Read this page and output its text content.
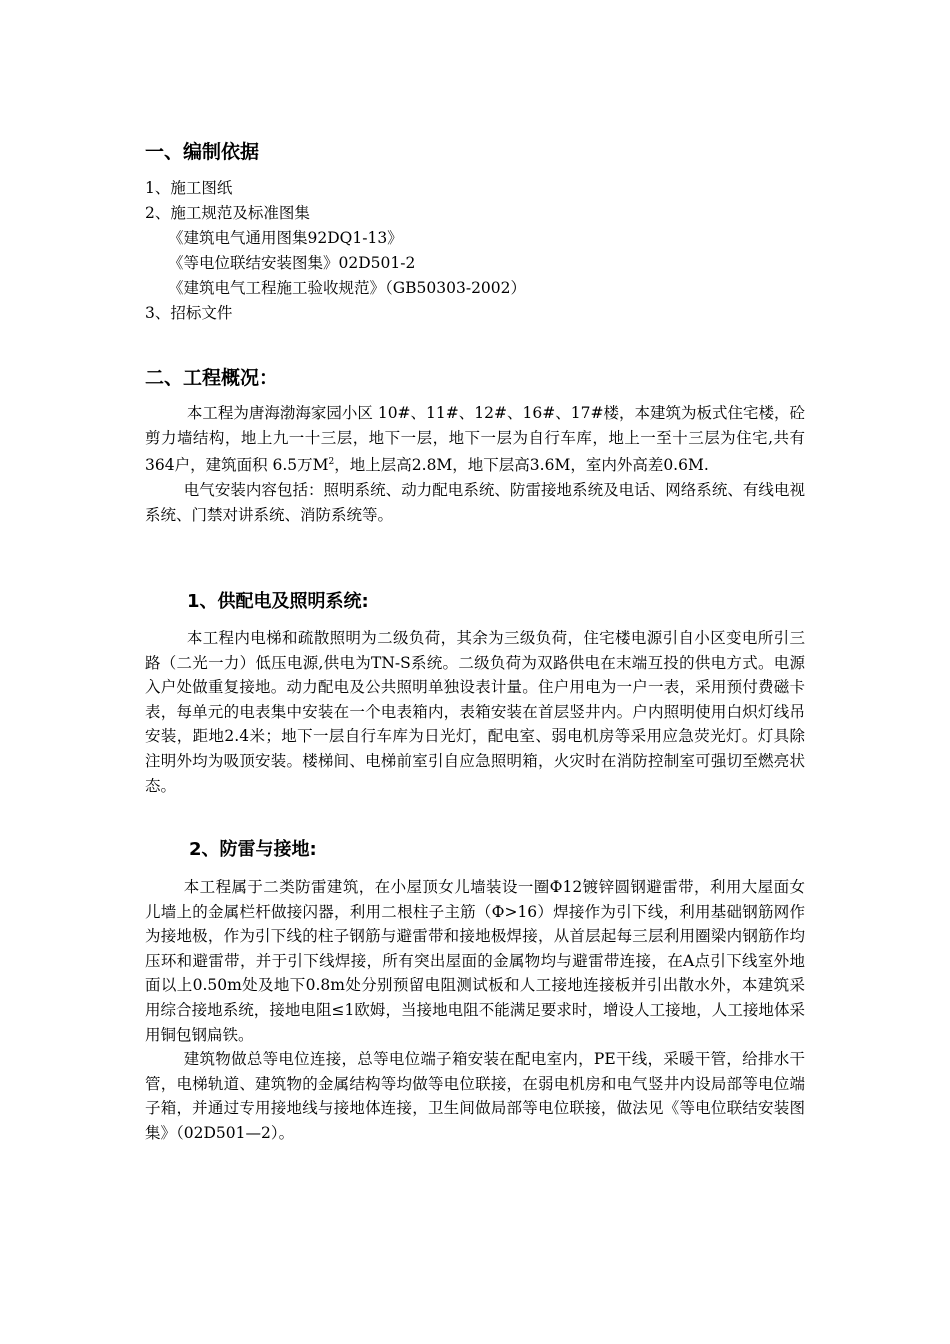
一、编制依据
1、施工图纸
2、施工规范及标准图集
《建筑电气通用图集92DQ1-13》
《等电位联结安装图集》02D501-2
《建筑电气工程施工验收规范》（GB50303-2002）
3、招标文件
二、工程概况：

本工程为唐海渤海家园小区 10#、11#、12#、16#、17#楼，本建筑为板式住宅楼，砼剪力墙结构，地上九一十三层，地下一层，地下一层为自行车库，地上一至十三层为住宅,共有364户，建筑面积 6.5万$M^2$，地上层高2.8M，地下层高3.6M，室内外高差0.6M.

电气安装内容包括：照明系统、动力配电系统、防雷接地系统及电话、网络系统、有线电视系统、门禁对讲系统、消防系统等。

1、供配电及照明系统:

本工程内电梯和疏散照明为二级负荷，其余为三级负荷，住宅楼电源引自小区变电所引三路（二光一力）低压电源,供电为TN-S系统。二级负荷为双路供电在末端互投的供电方式。电源入户处做重复接地。动力配电及公共照明单独设表计量。住户用电为一户一表，采用预付费磁卡表，每单元的电表集中安装在一个电表箱内，表箱安装在首层竖井内。户内照明使用白炽灯线吊安装，距地2.4米；地下一层自行车库为日光灯，配电室、弱电机房等采用应急荧光灯。灯具除注明外均为吸顶安装。楼梯间、电梯前室引自应急照明箱，火灾时在消防控制室可强切至燃亮状态。

2、防雷与接地:

本工程属于二类防雷建筑，在小屋顶女儿墙装设一圈Ф12镀锌圆钢避雷带，利用大屋面女儿墙上的金属栏杆做接闪器，利用二根柱子主筋（Ф>16）焊接作为引下线，利用基础钢筋网作为接地极，作为引下线的柱子钢筋与避雷带和接地极焊接，从首层起每三层利用圈梁内钢筋作均压环和避雷带，并于引下线焊接，所有突出屋面的金属物均与避雷带连接，在A点引下线室外地面以上0.50m处及地下0.8m处分别预留电阻测试板和人工接地连接板并引出散水外，本建筑采用综合接地系统，接地电阻≤1欧姆，当接地电阻不能满足要求时，增设人工接地，人工接地体采用铜包钢扁铁。

建筑物做总等电位连接，总等电位端子箱安装在配电室内，PE干线，采暖干管，给排水干管，电梯轨道、建筑物的金属结构等均做等电位联接，在弱电机房和电气竖井内设局部等电位端子箱，并通过专用接地线与接地体连接，卫生间做局部等电位联接，做法见《等电位联结安装图集》（02D501—2）。
